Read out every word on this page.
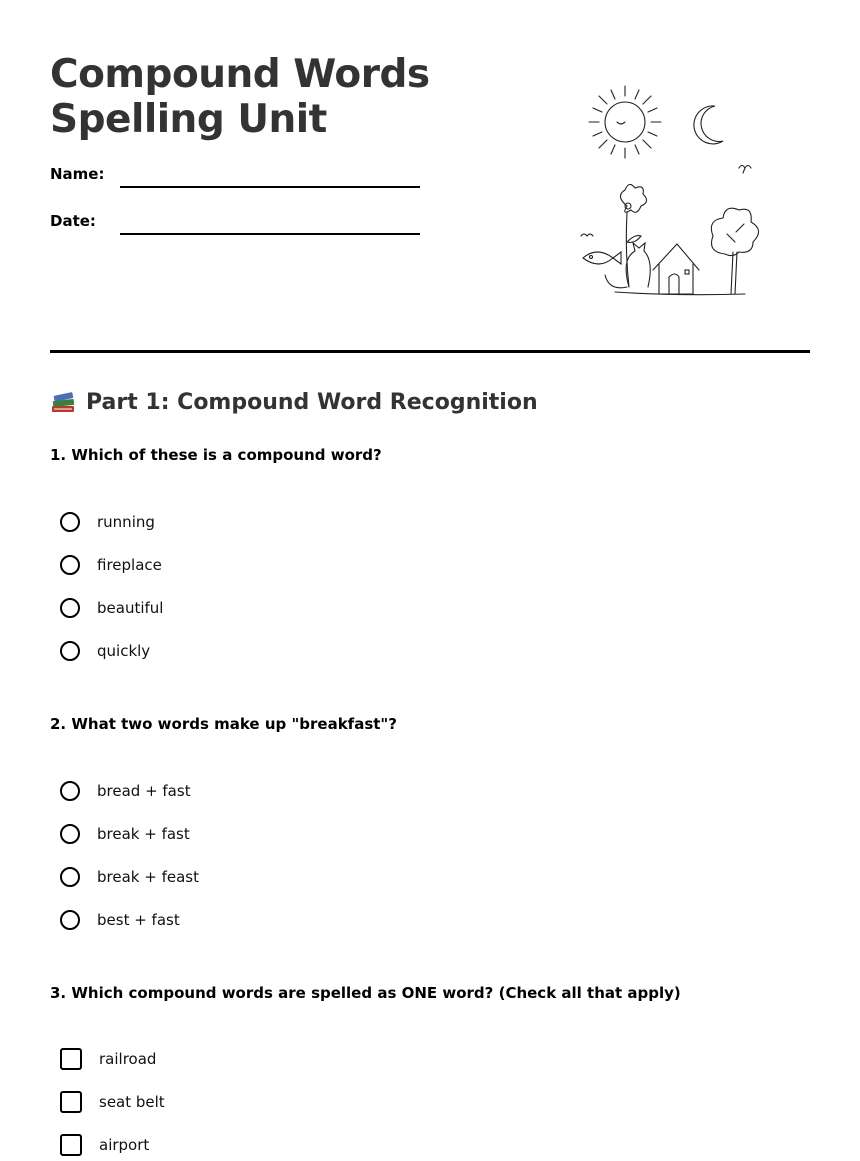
Compound Words
Spelling Unit
Name:
Date:
Part 1: Compound Word Recognition
1. Which of these is a compound word?
running
fireplace
beautiful
quickly
2. What two words make up "breakfast"?
bread + fast
break + fast
break + feast
best + fast
3. Which compound words are spelled as ONE word? (Check all that apply)
railroad
seat belt
airport
